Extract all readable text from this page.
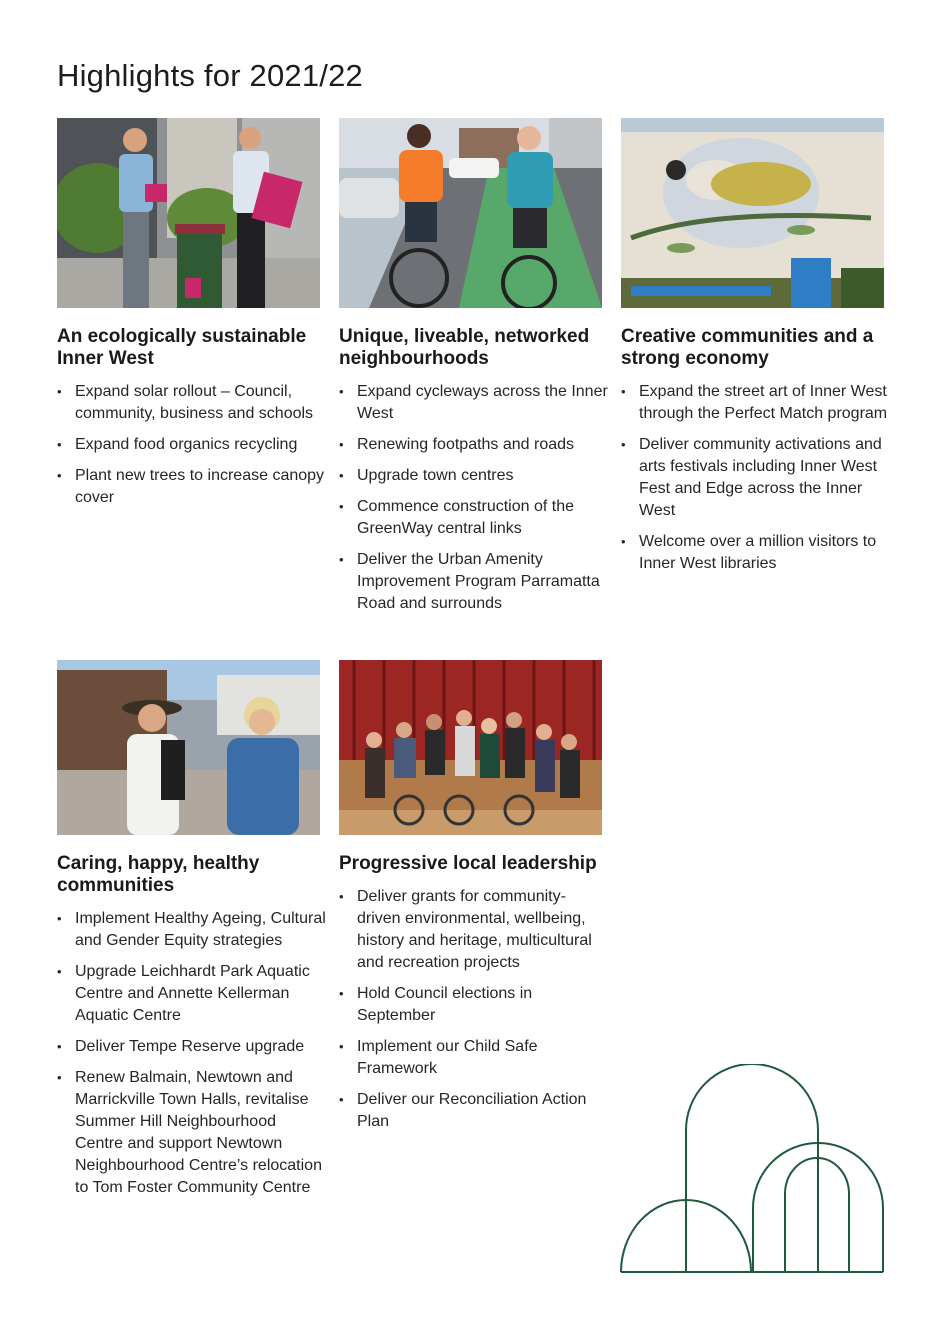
Highlights for 2021/22
An ecologically sustainable Inner West
• Expand solar rollout – Council, community, business and schools
• Expand food organics recycling
• Plant new trees to increase canopy cover
Unique, liveable, networked neighbourhoods
• Expand cycleways across the Inner West
• Renewing footpaths and roads
• Upgrade town centres
• Commence construction of the GreenWay central links
• Deliver the Urban Amenity Improvement Program Parramatta Road and surrounds
Creative communities and a strong economy
• Expand the street art of Inner West through the Perfect Match program
• Deliver community activations and arts festivals including Inner West Fest and Edge across the Inner West
• Welcome over a million visitors to Inner West libraries
Caring, happy, healthy communities
• Implement Healthy Ageing, Cultural and Gender Equity strategies
• Upgrade Leichhardt Park Aquatic Centre and Annette Kellerman Aquatic Centre
• Deliver Tempe Reserve upgrade
• Renew Balmain, Newtown and Marrickville Town Halls, revitalise Summer Hill Neighbourhood Centre and support Newtown Neighbourhood Centre’s relocation to Tom Foster Community Centre
Progressive local leadership
• Deliver grants for community-driven environmental, wellbeing, history and heritage, multicultural and recreation projects
• Hold Council elections in September
• Implement our Child Safe Framework
• Deliver our Reconciliation Action Plan
